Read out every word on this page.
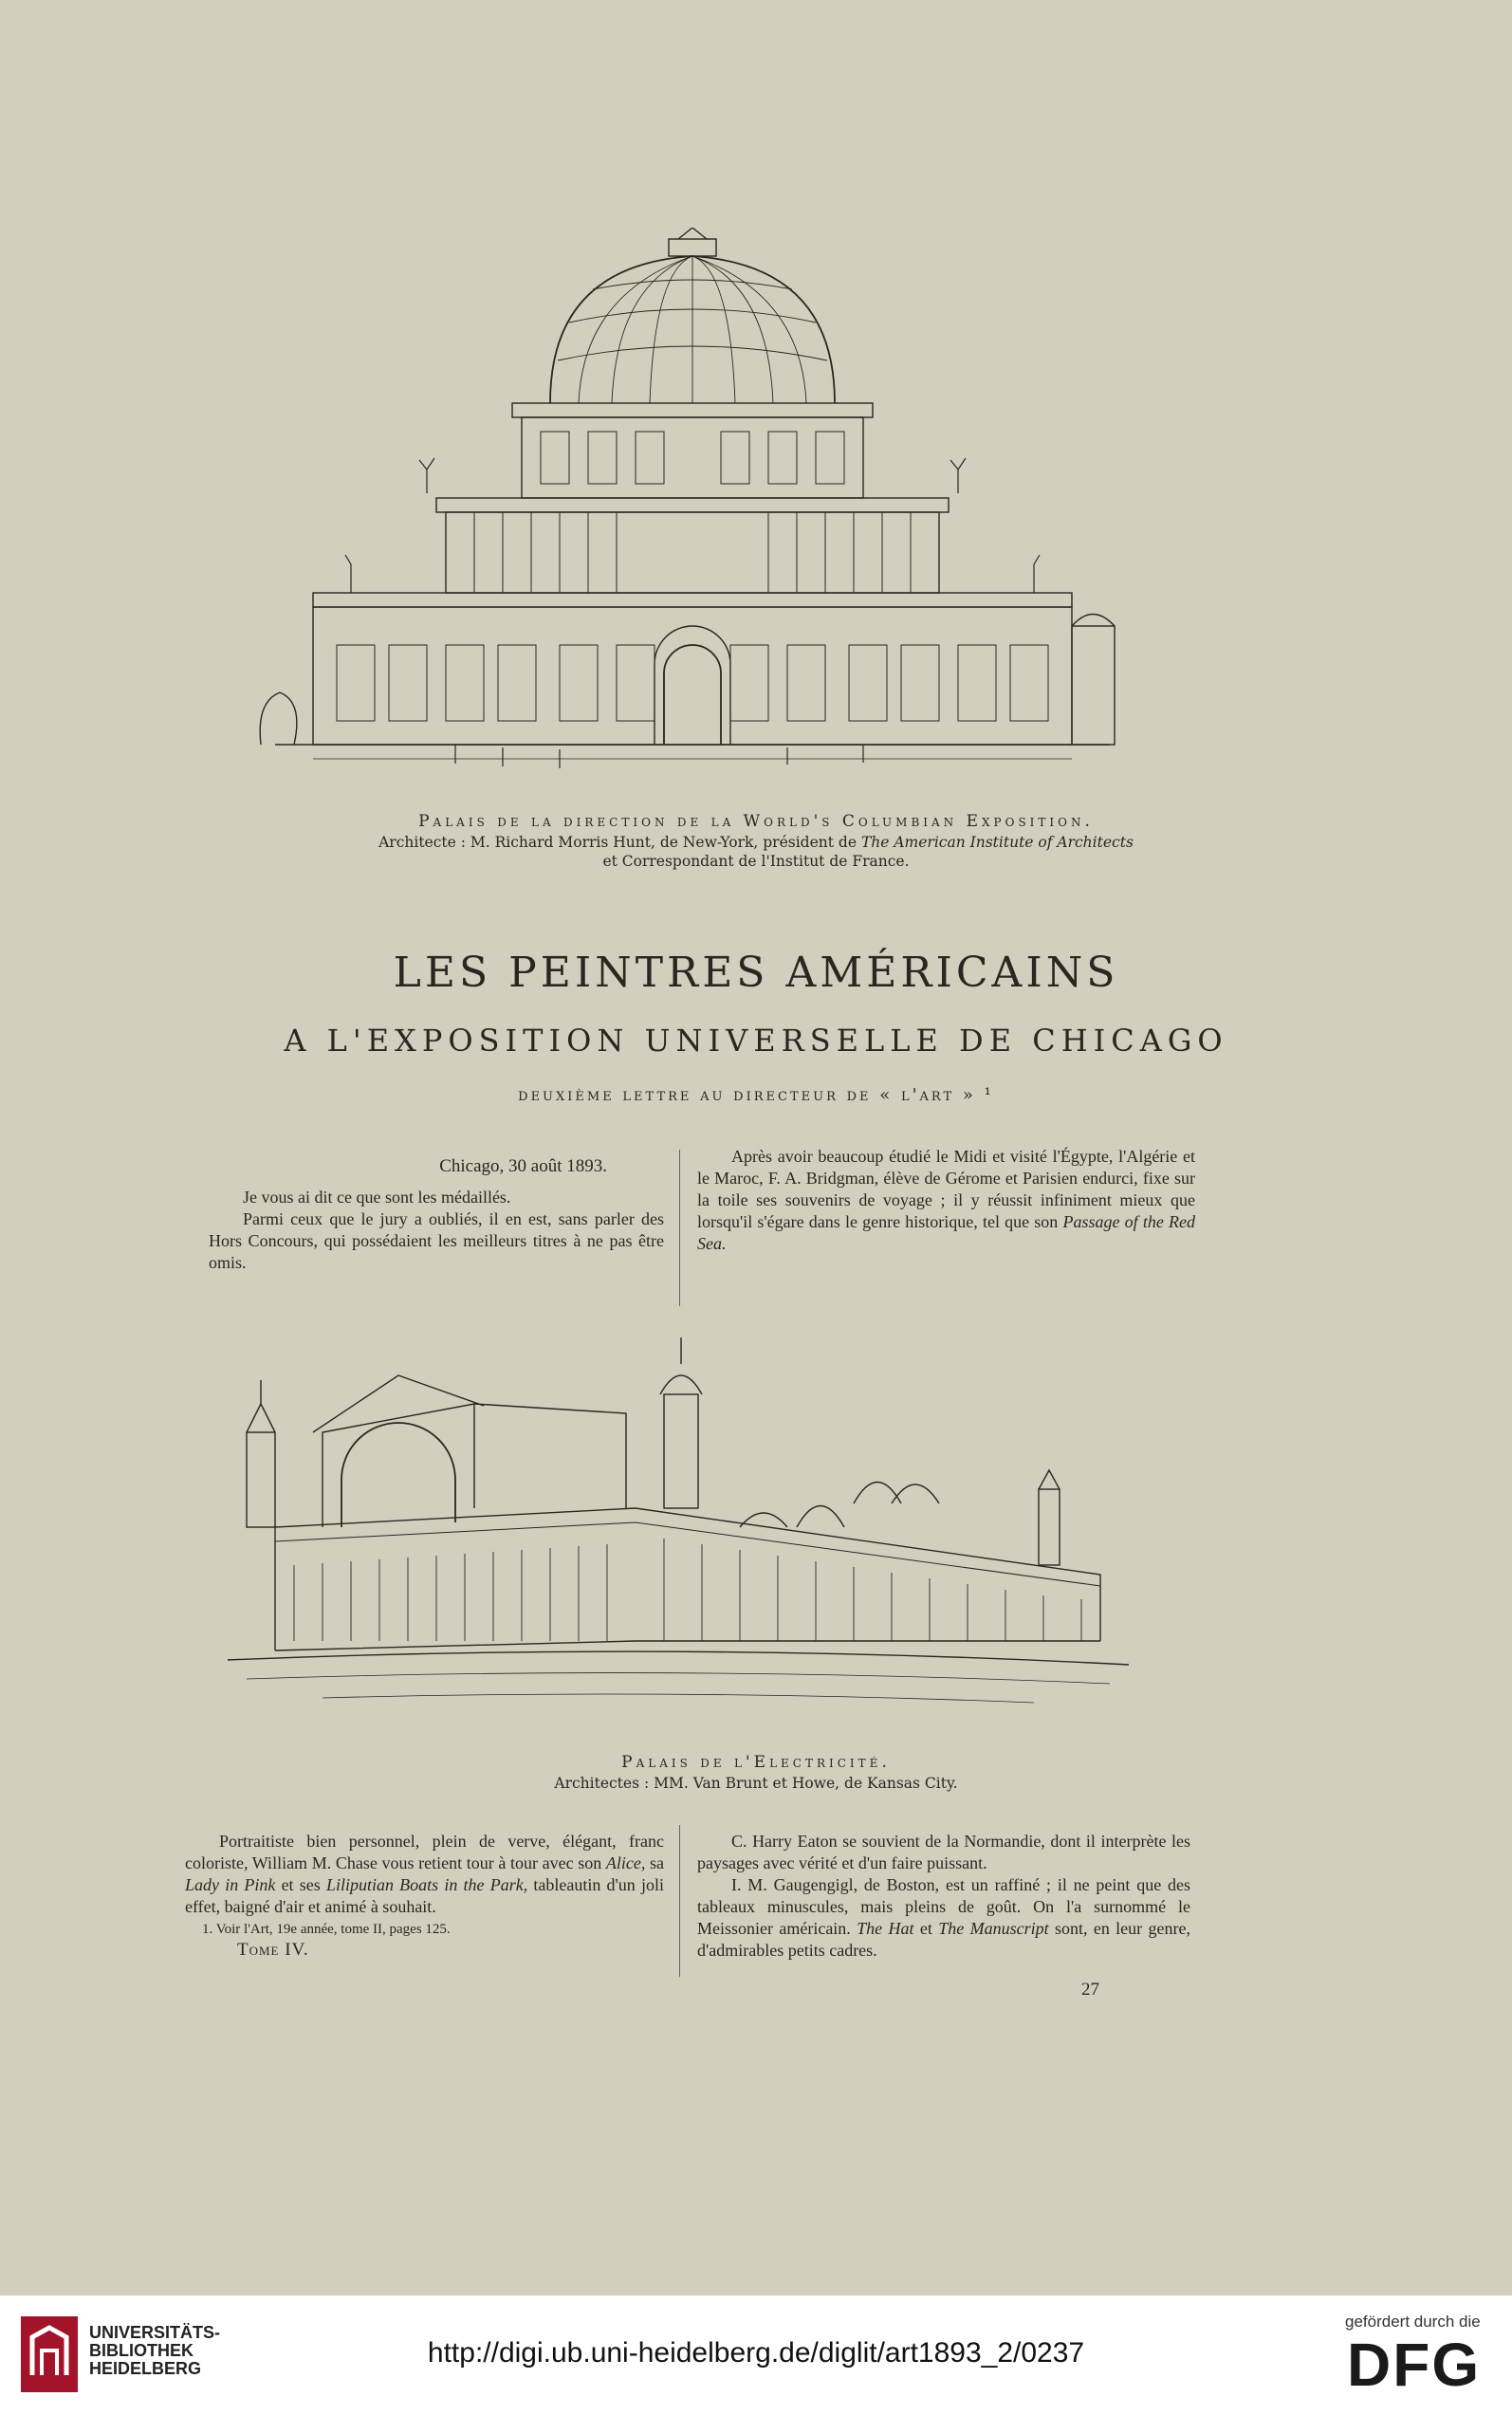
Palais de la direction de la World's Columbian Exposition.
Architecte : M. Richard Morris Hunt, de New-York, président de The American Institute of Architects
et Correspondant de l'Institut de France.
LES PEINTRES AMÉRICAINS
A L'EXPOSITION UNIVERSELLE DE CHICAGO
deuxième lettre au directeur de « l'art » ¹
Chicago, 30 août 1893.

Je vous ai dit ce que sont les médaillés.

Parmi ceux que le jury a oubliés, il en est, sans parler des Hors Concours, qui possédaient les meilleurs titres à ne pas être omis.

Après avoir beaucoup étudié le Midi et visité l'Égypte, l'Algérie et le Maroc, F. A. Bridgman, élève de Gérome et Parisien endurci, fixe sur la toile ses souvenirs de voyage ; il y réussit infiniment mieux que lorsqu'il s'égare dans le genre historique, tel que son Passage of the Red Sea.

Palais de l'Electricité.
Architectes : MM. Van Brunt et Howe, de Kansas City.

Portraitiste bien personnel, plein de verve, élégant, franc coloriste, William M. Chase vous retient tour à tour avec son Alice, sa Lady in Pink et ses Liliputian Boats in the Park, tableautin d'un joli effet, baigné d'air et animé à souhait.

1. Voir l'Art, 19e année, tome II, pages 125.
Tome IV.

C. Harry Eaton se souvient de la Normandie, dont il interprète les paysages avec vérité et d'un faire puissant.

I. M. Gaugengigl, de Boston, est un raffiné ; il ne peint que des tableaux minuscules, mais pleins de goût. On l'a surnommé le Meissonier américain. The Hat et The Manuscript sont, en leur genre, d'admirables petits cadres.

27
UNIVERSITÄTS-
BIBLIOTHEK
HEIDELBERG	http://digi.ub.uni-heidelberg.de/diglit/art1893_2/0237
gefördert durch die
DFG
